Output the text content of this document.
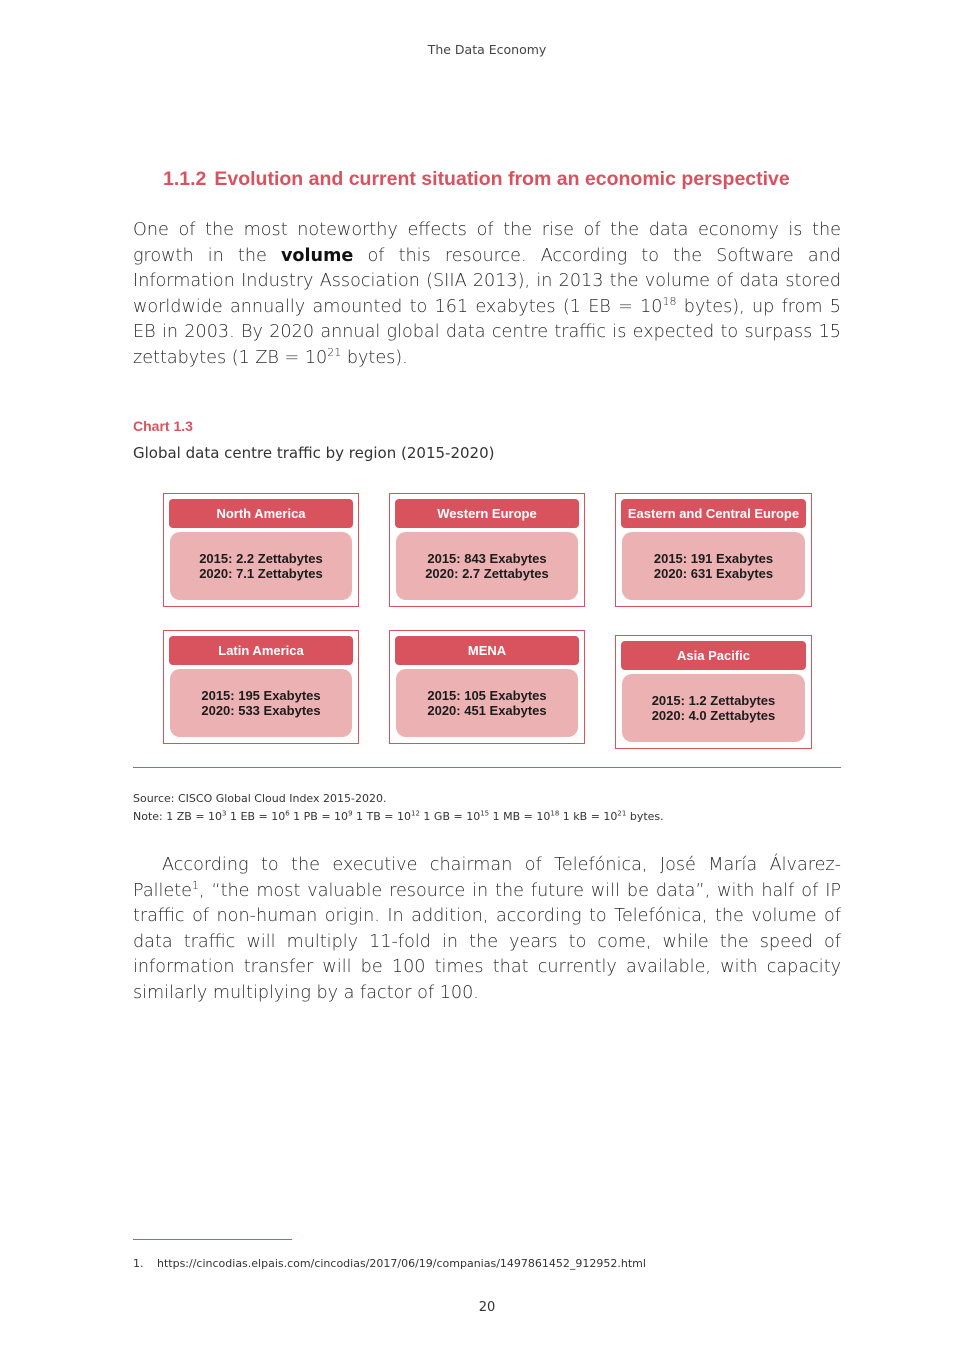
The Data Economy
1.1.2 Evolution and current situation from an economic perspective
One of the most noteworthy effects of the rise of the data economy is the growth in the volume of this resource. According to the Software and Information Industry Association (SIIA 2013), in 2013 the volume of data stored worldwide annually amounted to 161 exabytes (1 EB = $10^{18}$ bytes), up from 5 EB in 2003. By 2020 annual global data centre traffic is expected to surpass 15 zettabytes (1 ZB = $10^{21}$ bytes).
Chart 1.3
Global data centre traffic by region (2015-2020)
North America
2015: 2.2 Zettabytes
2020: 7.1 Zettabytes
Western Europe
2015: 843 Exabytes
2020: 2.7 Zettabytes
Eastern and Central Europe
2015: 191 Exabytes
2020: 631 Exabytes
Latin America
2015: 195 Exabytes
2020: 533 Exabytes
MENA
2015: 105 Exabytes
2020: 451 Exabytes
Asia Pacific
2015: 1.2 Zettabytes
2020: 4.0 Zettabytes
Source: CISCO Global Cloud Index 2015-2020.
Note: 1 ZB = $10^3$ 1 EB = $10^6$ 1 PB = $10^9$ 1 TB = $10^{12}$ 1 GB = $10^{15}$ 1 MB = $10^{18}$ 1 kB = $10^{21}$ bytes.
According to the executive chairman of Telefónica, José María Álvarez-Pallete$^1$, “the most valuable resource in the future will be data”, with half of IP traffic of non-human origin. In addition, according to Telefónica, the volume of data traffic will multiply 11-fold in the years to come, while the speed of information transfer will be 100 times that currently available, with capacity similarly multiplying by a factor of 100.
1. https://cincodias.elpais.com/cincodias/2017/06/19/companias/1497861452_912952.html
20
